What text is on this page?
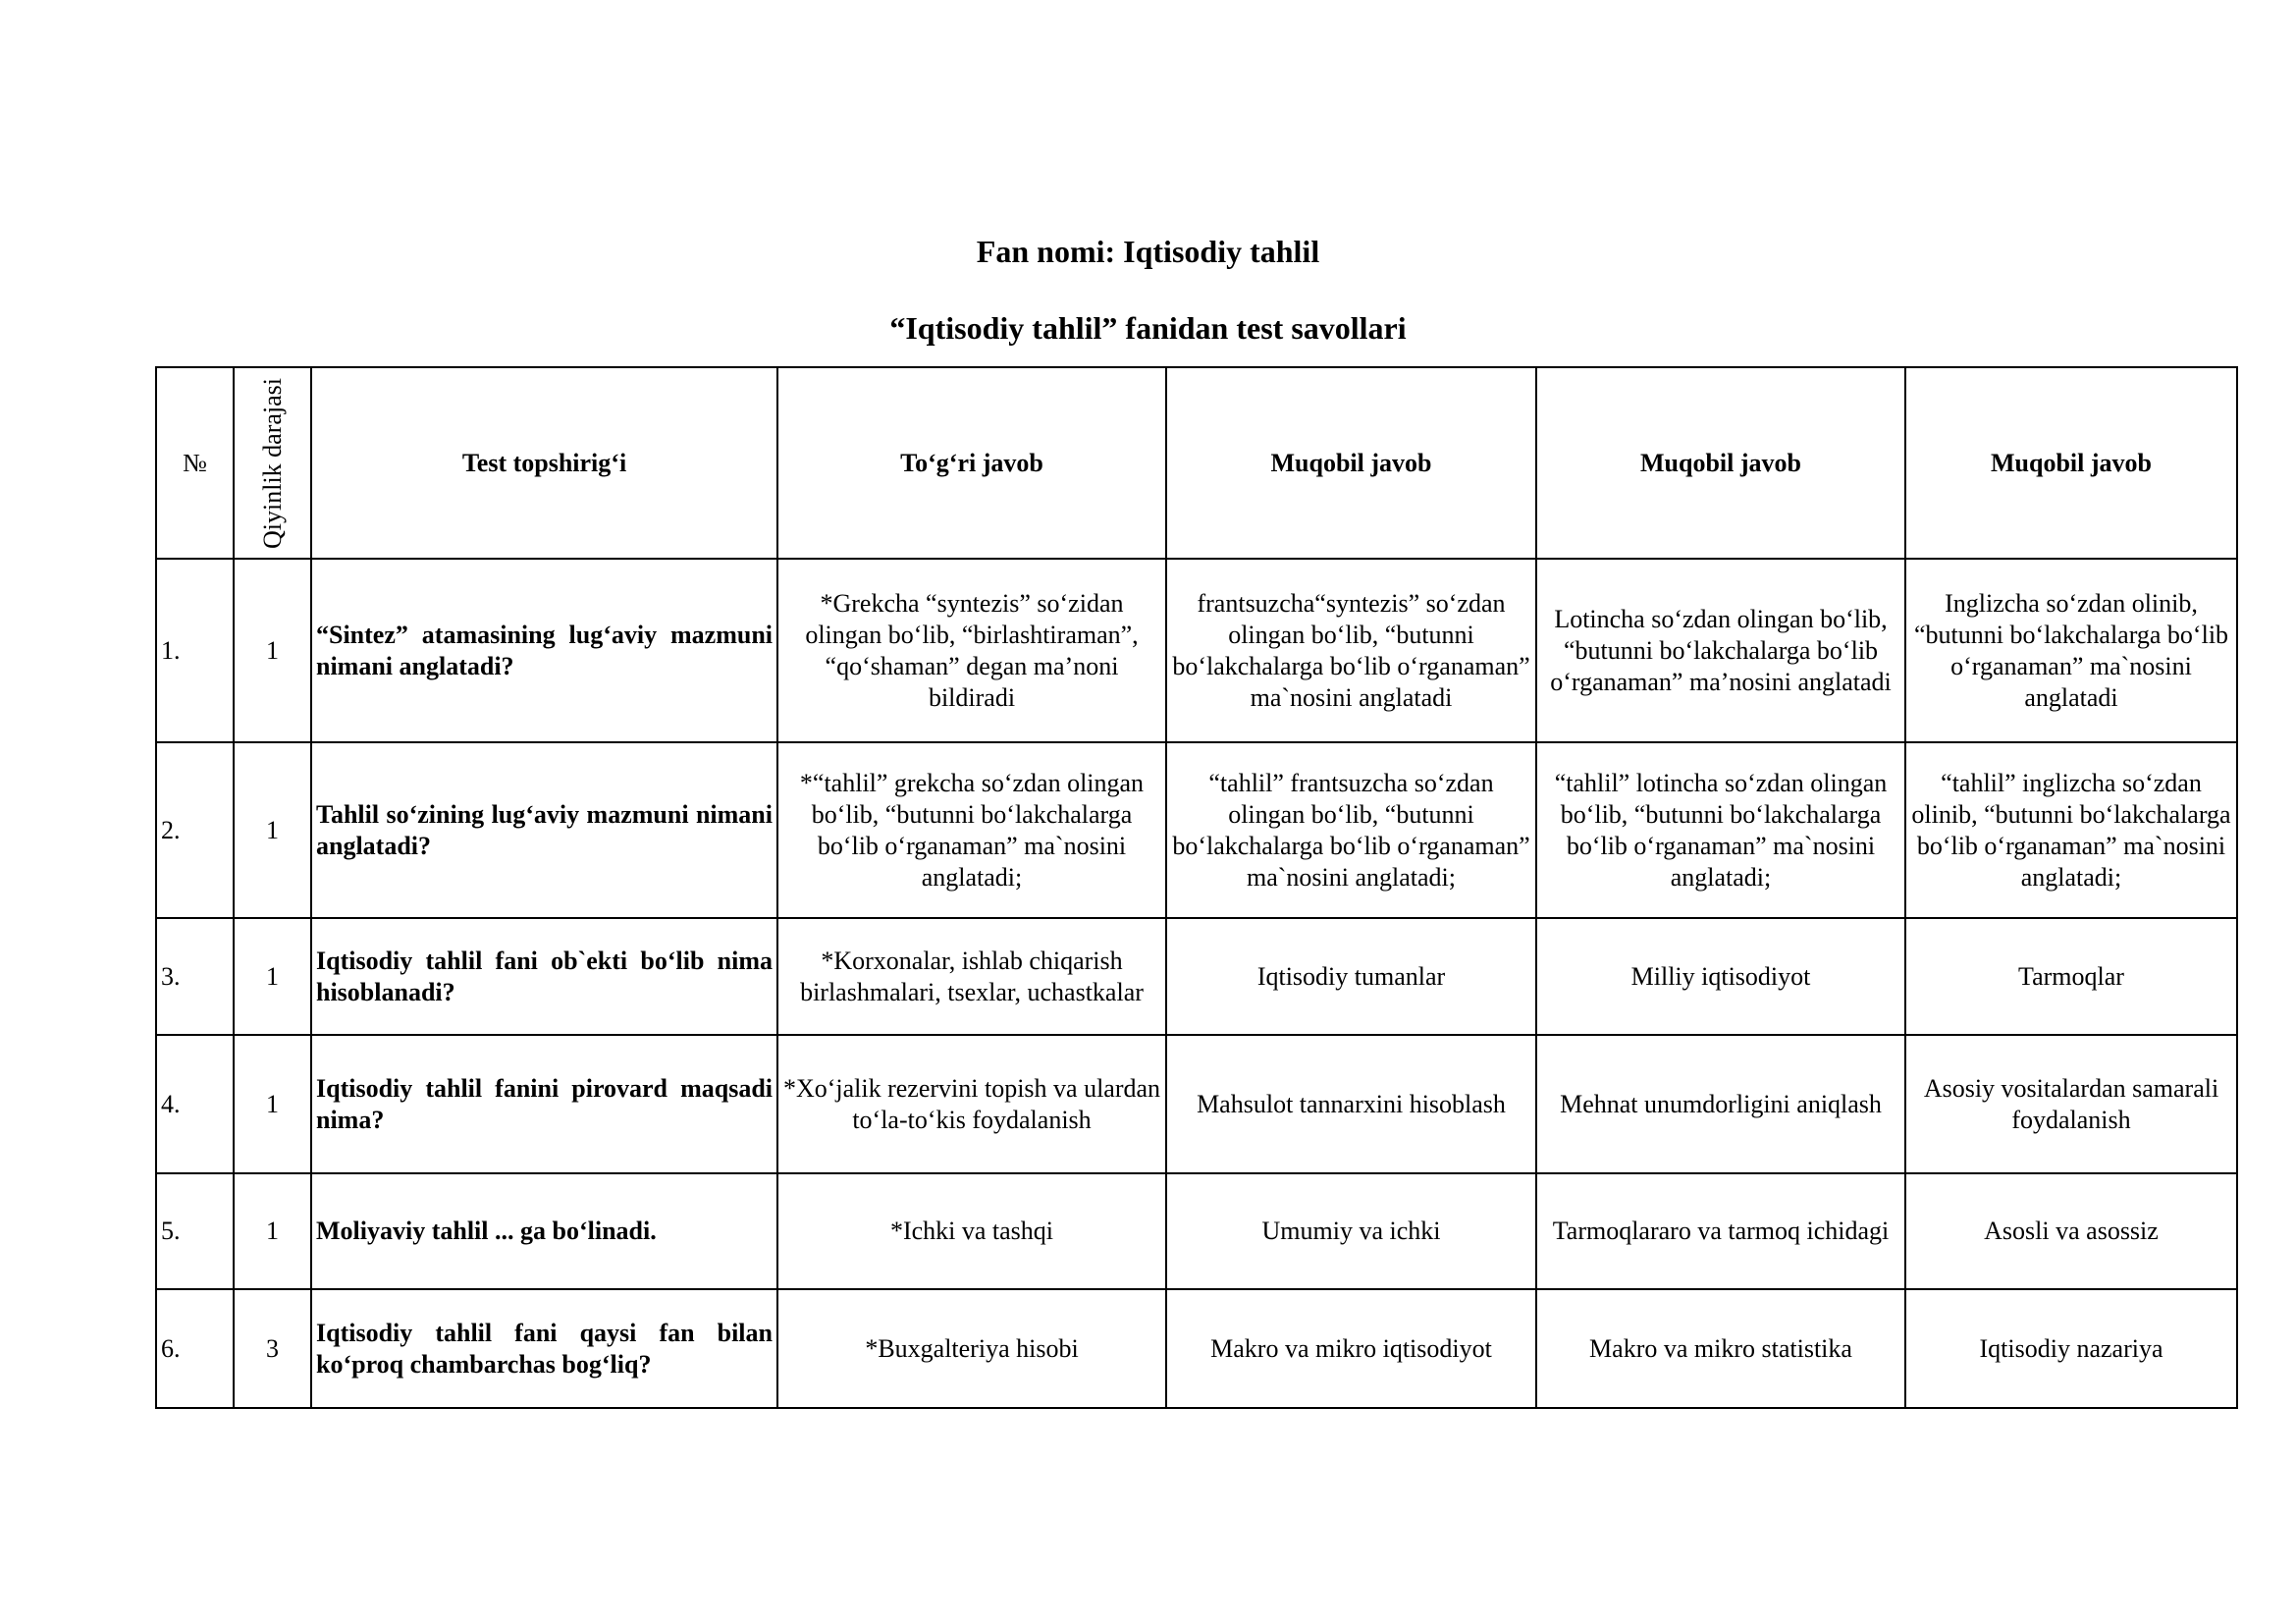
Fan nomi: Iqtisodiy tahlil
“Iqtisodiy tahlil” fanidan test savollari
№	Qiyinlik darajasi	Test topshirig‘i	To‘g‘ri javob	Muqobil javob	Muqobil javob	Muqobil javob
1.	1	“Sintez” atamasining lug‘aviy mazmuni nimani anglatadi?	*Grekcha “syntezis” so‘zidan olingan bo‘lib, “birlashtiraman”, “qo‘shaman” degan ma’noni bildiradi	frantsuzcha“syntezis” so‘zdan olingan bo‘lib, “butunni bo‘lakchalarga bo‘lib o‘rganaman” ma`nosini anglatadi	Lotincha so‘zdan olingan bo‘lib, “butunni bo‘lakchalarga bo‘lib o‘rganaman” ma’nosini anglatadi	Inglizcha so‘zdan olinib, “butunni bo‘lakchalarga bo‘lib o‘rganaman” ma`nosini anglatadi
2.	1	Tahlil so‘zining lug‘aviy mazmuni nimani anglatadi?	*“tahlil” grekcha so‘zdan olingan bo‘lib, “butunni bo‘lakchalarga bo‘lib o‘rganaman” ma`nosini anglatadi;	“tahlil” frantsuzcha so‘zdan olingan bo‘lib, “butunni bo‘lakchalarga bo‘lib o‘rganaman” ma`nosini anglatadi;	“tahlil” lotincha so‘zdan olingan bo‘lib, “butunni bo‘lakchalarga bo‘lib o‘rganaman” ma`nosini anglatadi;	“tahlil” inglizcha so‘zdan olinib, “butunni bo‘lakchalarga bo‘lib o‘rganaman” ma`nosini anglatadi;
3.	1	Iqtisodiy tahlil fani ob`ekti bo‘lib nima hisoblanadi?	*Korxonalar, ishlab chiqarish birlashmalari, tsexlar, uchastkalar	Iqtisodiy tumanlar	Milliy iqtisodiyot	Tarmoqlar
4.	1	Iqtisodiy tahlil fanini pirovard maqsadi nima?	*Xo‘jalik rezervini topish va ulardan to‘la-to‘kis foydalanish	Mahsulot tannarxini hisoblash	Mehnat unumdorligini aniqlash	Asosiy vositalardan samarali foydalanish
5.	1	Moliyaviy tahlil ... ga bo‘linadi.	*Ichki va tashqi	Umumiy va ichki	Tarmoqlararo va tarmoq ichidagi	Asosli va asossiz
6.	3	Iqtisodiy tahlil fani qaysi fan bilan ko‘proq chambarchas bog‘liq?	*Buxgalteriya hisobi	Makro va mikro iqtisodiyot	Makro va mikro statistika	Iqtisodiy nazariya
